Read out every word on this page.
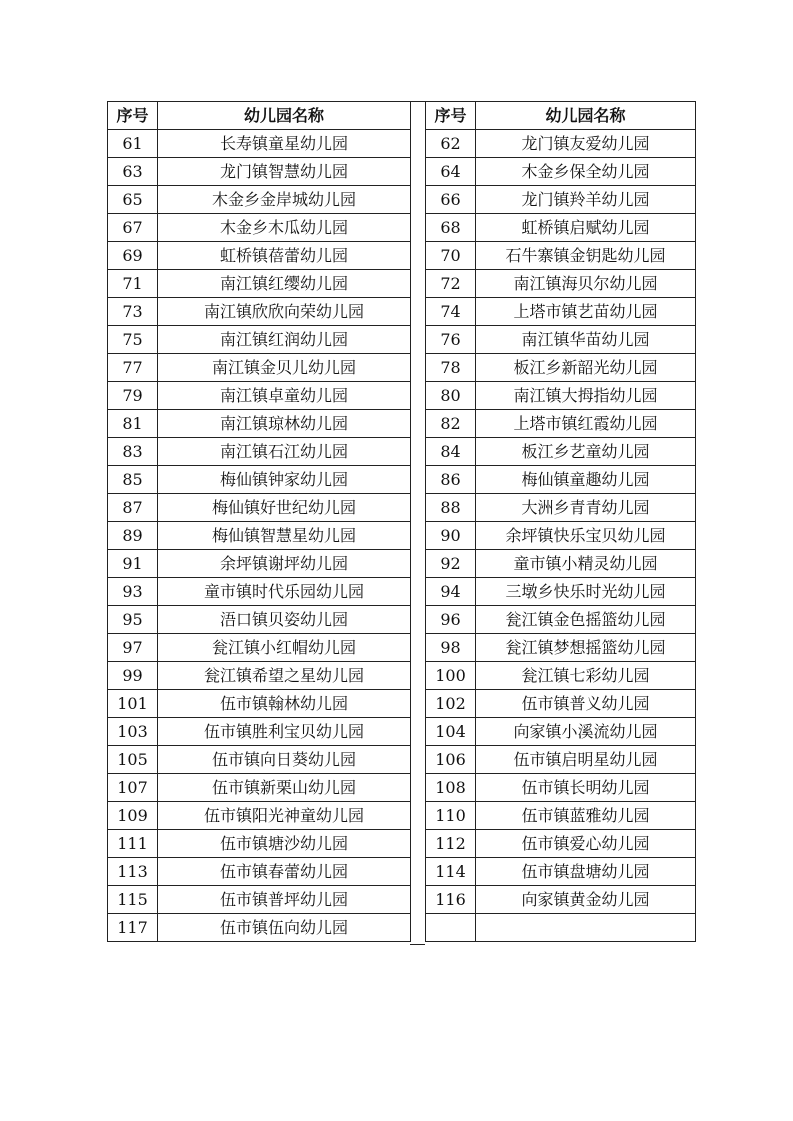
序号	幼儿园名称
61	长寿镇童星幼儿园
63	龙门镇智慧幼儿园
65	木金乡金岸城幼儿园
67	木金乡木瓜幼儿园
69	虹桥镇蓓蕾幼儿园
71	南江镇红缨幼儿园
73	南江镇欣欣向荣幼儿园
75	南江镇红润幼儿园
77	南江镇金贝儿幼儿园
79	南江镇卓童幼儿园
81	南江镇琼林幼儿园
83	南江镇石江幼儿园
85	梅仙镇钟家幼儿园
87	梅仙镇好世纪幼儿园
89	梅仙镇智慧星幼儿园
91	余坪镇谢坪幼儿园
93	童市镇时代乐园幼儿园
95	浯口镇贝姿幼儿园
97	瓮江镇小红帽幼儿园
99	瓮江镇希望之星幼儿园
101	伍市镇翰林幼儿园
103	伍市镇胜利宝贝幼儿园
105	伍市镇向日葵幼儿园
107	伍市镇新栗山幼儿园
109	伍市镇阳光神童幼儿园
111	伍市镇塘沙幼儿园
113	伍市镇春蕾幼儿园
115	伍市镇普坪幼儿园
117	伍市镇伍向幼儿园
序号	幼儿园名称
62	龙门镇友爱幼儿园
64	木金乡保全幼儿园
66	龙门镇羚羊幼儿园
68	虹桥镇启赋幼儿园
70	石牛寨镇金钥匙幼儿园
72	南江镇海贝尔幼儿园
74	上塔市镇艺苗幼儿园
76	南江镇华苗幼儿园
78	板江乡新韶光幼儿园
80	南江镇大拇指幼儿园
82	上塔市镇红霞幼儿园
84	板江乡艺童幼儿园
86	梅仙镇童趣幼儿园
88	大洲乡青青幼儿园
90	余坪镇快乐宝贝幼儿园
92	童市镇小精灵幼儿园
94	三墩乡快乐时光幼儿园
96	瓮江镇金色摇篮幼儿园
98	瓮江镇梦想摇篮幼儿园
100	瓮江镇七彩幼儿园
102	伍市镇普义幼儿园
104	向家镇小溪流幼儿园
106	伍市镇启明星幼儿园
108	伍市镇长明幼儿园
110	伍市镇蓝雅幼儿园
112	伍市镇爱心幼儿园
114	伍市镇盘塘幼儿园
116	向家镇黄金幼儿园
